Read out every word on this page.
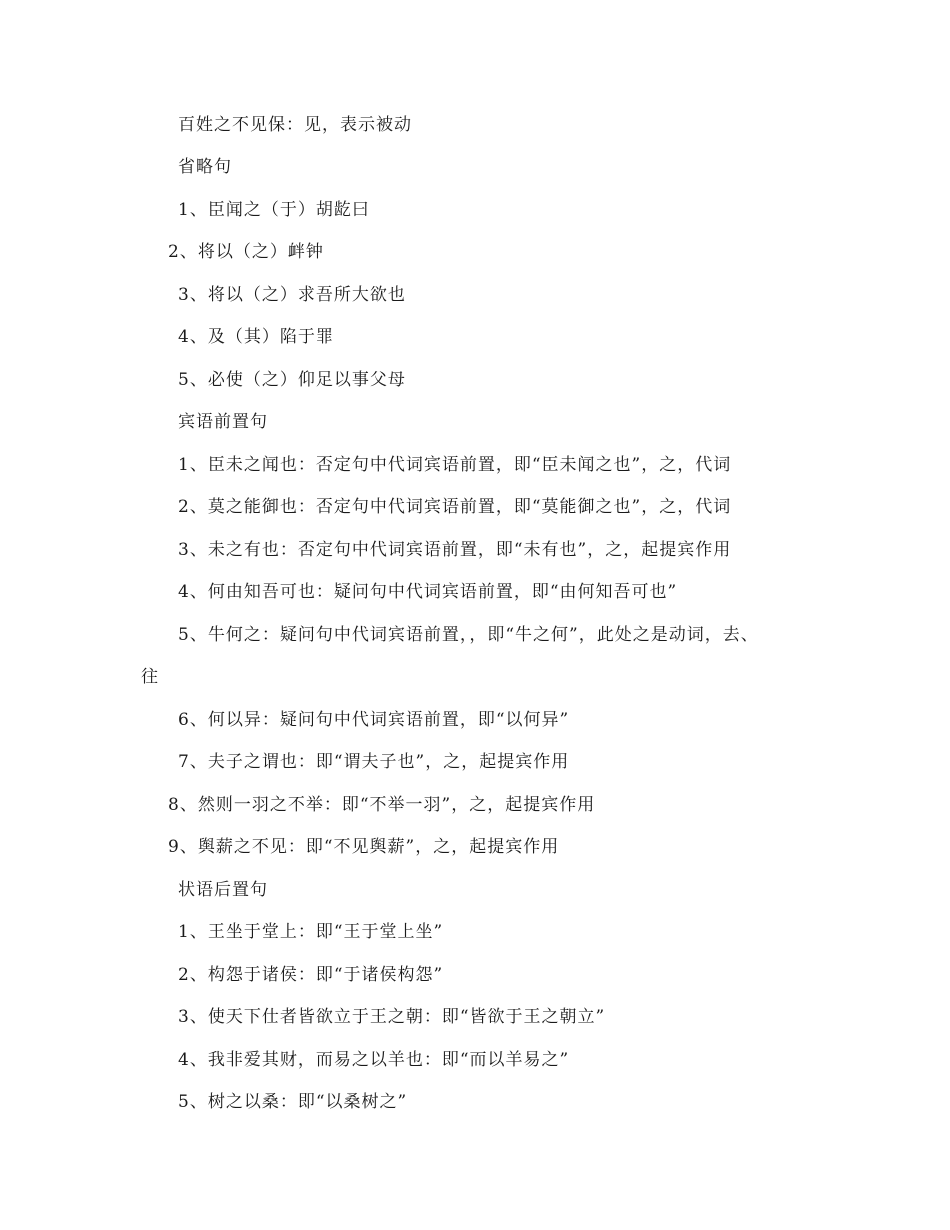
百姓之不见保：见，表示被动
省略句
1、臣闻之（于）胡龁曰
2、将以（之）衅钟
3、将以（之）求吾所大欲也
4、及（其）陷于罪
5、必使（之）仰足以事父母
宾语前置句
1、臣未之闻也：否定句中代词宾语前置，即“臣未闻之也”，之，代词
2、莫之能御也：否定句中代词宾语前置，即“莫能御之也”，之，代词
3、未之有也：否定句中代词宾语前置，即“未有也”，之，起提宾作用
4、何由知吾可也：疑问句中代词宾语前置，即“由何知吾可也”
5、牛何之：疑问句中代词宾语前置，，即“牛之何”，此处之是动词，去、
往
6、何以异：疑问句中代词宾语前置，即“以何异”
7、夫子之谓也：即“谓夫子也”，之，起提宾作用
8、然则一羽之不举：即“不举一羽”，之，起提宾作用
9、舆薪之不见：即“不见舆薪”，之，起提宾作用
状语后置句
1、王坐于堂上：即“王于堂上坐”
2、构怨于诸侯：即“于诸侯构怨”
3、使天下仕者皆欲立于王之朝：即“皆欲于王之朝立”
4、我非爱其财，而易之以羊也：即“而以羊易之”
5、树之以桑：即“以桑树之”
